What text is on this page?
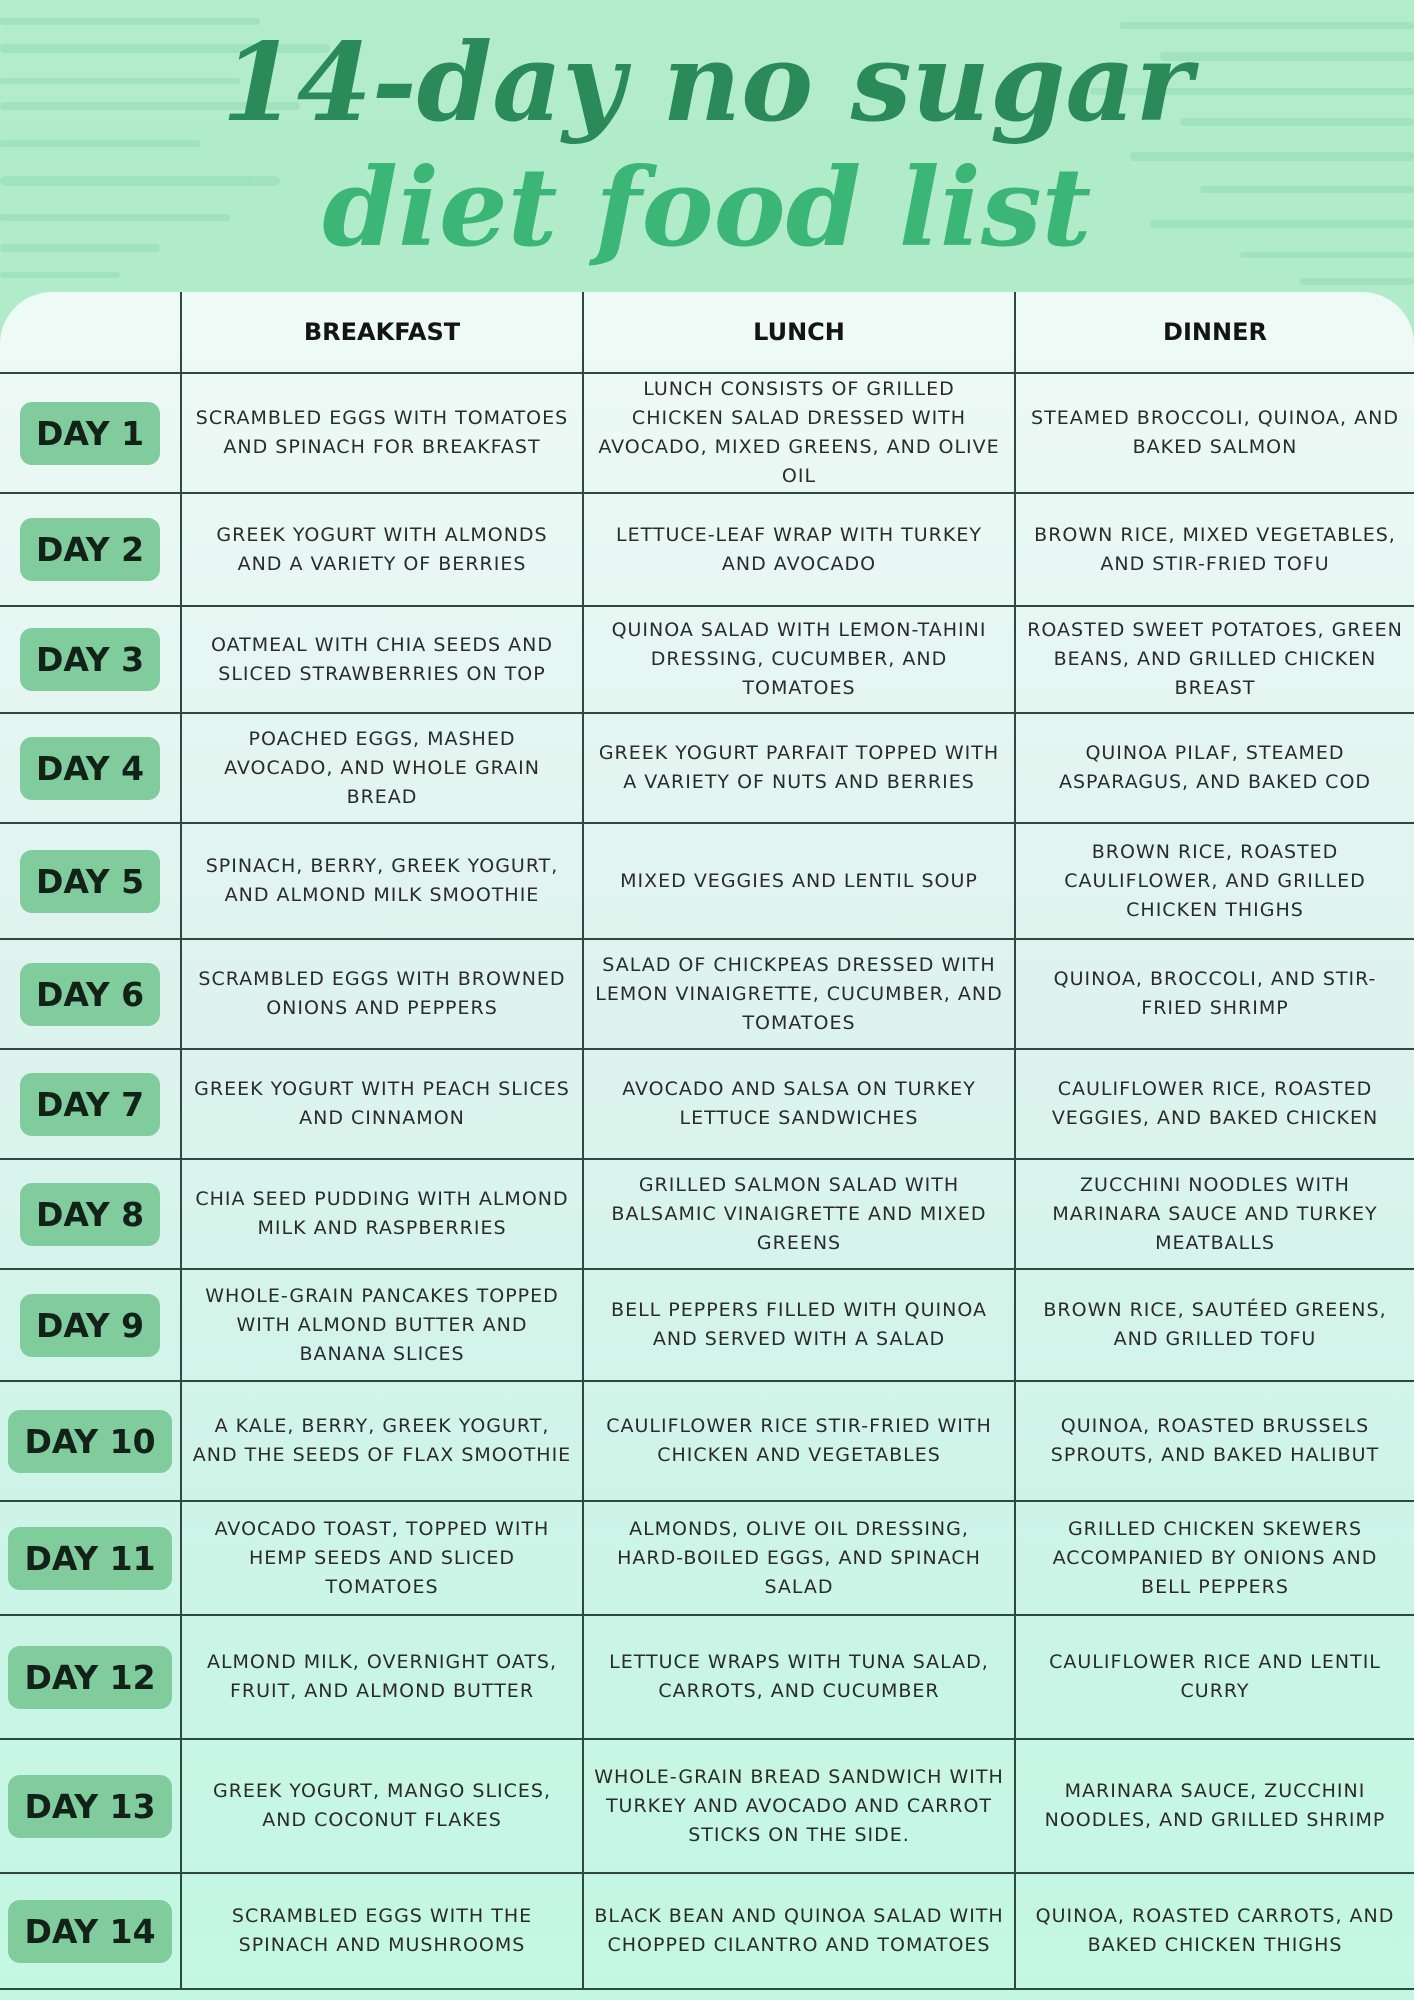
14-day no sugar
diet food list
	BREAKFAST	LUNCH	DINNER
DAY 1	SCRAMBLED EGGS WITH TOMATOES AND SPINACH FOR BREAKFAST	LUNCH CONSISTS OF GRILLED CHICKEN SALAD DRESSED WITH AVOCADO, MIXED GREENS, AND OLIVE OIL	STEAMED BROCCOLI, QUINOA, AND BAKED SALMON
DAY 2	GREEK YOGURT WITH ALMONDS AND A VARIETY OF BERRIES	LETTUCE-LEAF WRAP WITH TURKEY AND AVOCADO	BROWN RICE, MIXED VEGETABLES, AND STIR-FRIED TOFU
DAY 3	OATMEAL WITH CHIA SEEDS AND SLICED STRAWBERRIES ON TOP	QUINOA SALAD WITH LEMON-TAHINI DRESSING, CUCUMBER, AND TOMATOES	ROASTED SWEET POTATOES, GREEN BEANS, AND GRILLED CHICKEN BREAST
DAY 4	POACHED EGGS, MASHED AVOCADO, AND WHOLE GRAIN BREAD	GREEK YOGURT PARFAIT TOPPED WITH A VARIETY OF NUTS AND BERRIES	QUINOA PILAF, STEAMED ASPARAGUS, AND BAKED COD
DAY 5	SPINACH, BERRY, GREEK YOGURT, AND ALMOND MILK SMOOTHIE	MIXED VEGGIES AND LENTIL SOUP	BROWN RICE, ROASTED CAULIFLOWER, AND GRILLED CHICKEN THIGHS
DAY 6	SCRAMBLED EGGS WITH BROWNED ONIONS AND PEPPERS	SALAD OF CHICKPEAS DRESSED WITH LEMON VINAIGRETTE, CUCUMBER, AND TOMATOES	QUINOA, BROCCOLI, AND STIR-FRIED SHRIMP
DAY 7	GREEK YOGURT WITH PEACH SLICES AND CINNAMON	AVOCADO AND SALSA ON TURKEY LETTUCE SANDWICHES	CAULIFLOWER RICE, ROASTED VEGGIES, AND BAKED CHICKEN
DAY 8	CHIA SEED PUDDING WITH ALMOND MILK AND RASPBERRIES	GRILLED SALMON SALAD WITH BALSAMIC VINAIGRETTE AND MIXED GREENS	ZUCCHINI NOODLES WITH MARINARA SAUCE AND TURKEY MEATBALLS
DAY 9	WHOLE-GRAIN PANCAKES TOPPED WITH ALMOND BUTTER AND BANANA SLICES	BELL PEPPERS FILLED WITH QUINOA AND SERVED WITH A SALAD	BROWN RICE, SAUTÉED GREENS, AND GRILLED TOFU
DAY 10	A KALE, BERRY, GREEK YOGURT, AND THE SEEDS OF FLAX SMOOTHIE	CAULIFLOWER RICE STIR-FRIED WITH CHICKEN AND VEGETABLES	QUINOA, ROASTED BRUSSELS SPROUTS, AND BAKED HALIBUT
DAY 11	AVOCADO TOAST, TOPPED WITH HEMP SEEDS AND SLICED TOMATOES	ALMONDS, OLIVE OIL DRESSING, HARD-BOILED EGGS, AND SPINACH SALAD	GRILLED CHICKEN SKEWERS ACCOMPANIED BY ONIONS AND BELL PEPPERS
DAY 12	ALMOND MILK, OVERNIGHT OATS, FRUIT, AND ALMOND BUTTER	LETTUCE WRAPS WITH TUNA SALAD, CARROTS, AND CUCUMBER	CAULIFLOWER RICE AND LENTIL CURRY
DAY 13	GREEK YOGURT, MANGO SLICES, AND COCONUT FLAKES	WHOLE-GRAIN BREAD SANDWICH WITH TURKEY AND AVOCADO AND CARROT STICKS ON THE SIDE.	MARINARA SAUCE, ZUCCHINI NOODLES, AND GRILLED SHRIMP
DAY 14	SCRAMBLED EGGS WITH THE SPINACH AND MUSHROOMS	BLACK BEAN AND QUINOA SALAD WITH CHOPPED CILANTRO AND TOMATOES	QUINOA, ROASTED CARROTS, AND BAKED CHICKEN THIGHS
